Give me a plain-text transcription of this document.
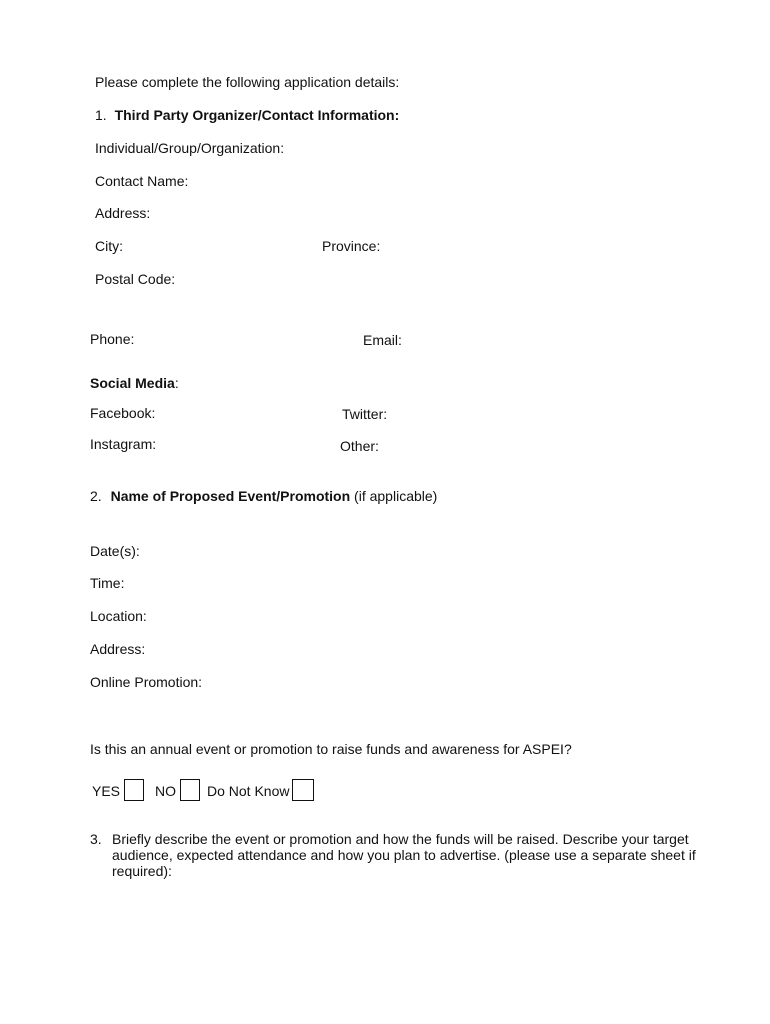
Please complete the following application details:
1. Third Party Organizer/Contact Information:
Individual/Group/Organization:
Contact Name:
Address:
City:	Province:
Postal Code:
Phone:	Email:
Social Media:
Facebook:	Twitter:
Instagram:	Other:
2. Name of Proposed Event/Promotion (if applicable)
Date(s):
Time:
Location:
Address:
Online Promotion:
Is this an annual event or promotion to raise funds and awareness for ASPEI?
YES NO Do Not Know
3. Briefly describe the event or promotion and how the funds will be raised. Describe your target audience, expected attendance and how you plan to advertise. (please use a separate sheet if required):
